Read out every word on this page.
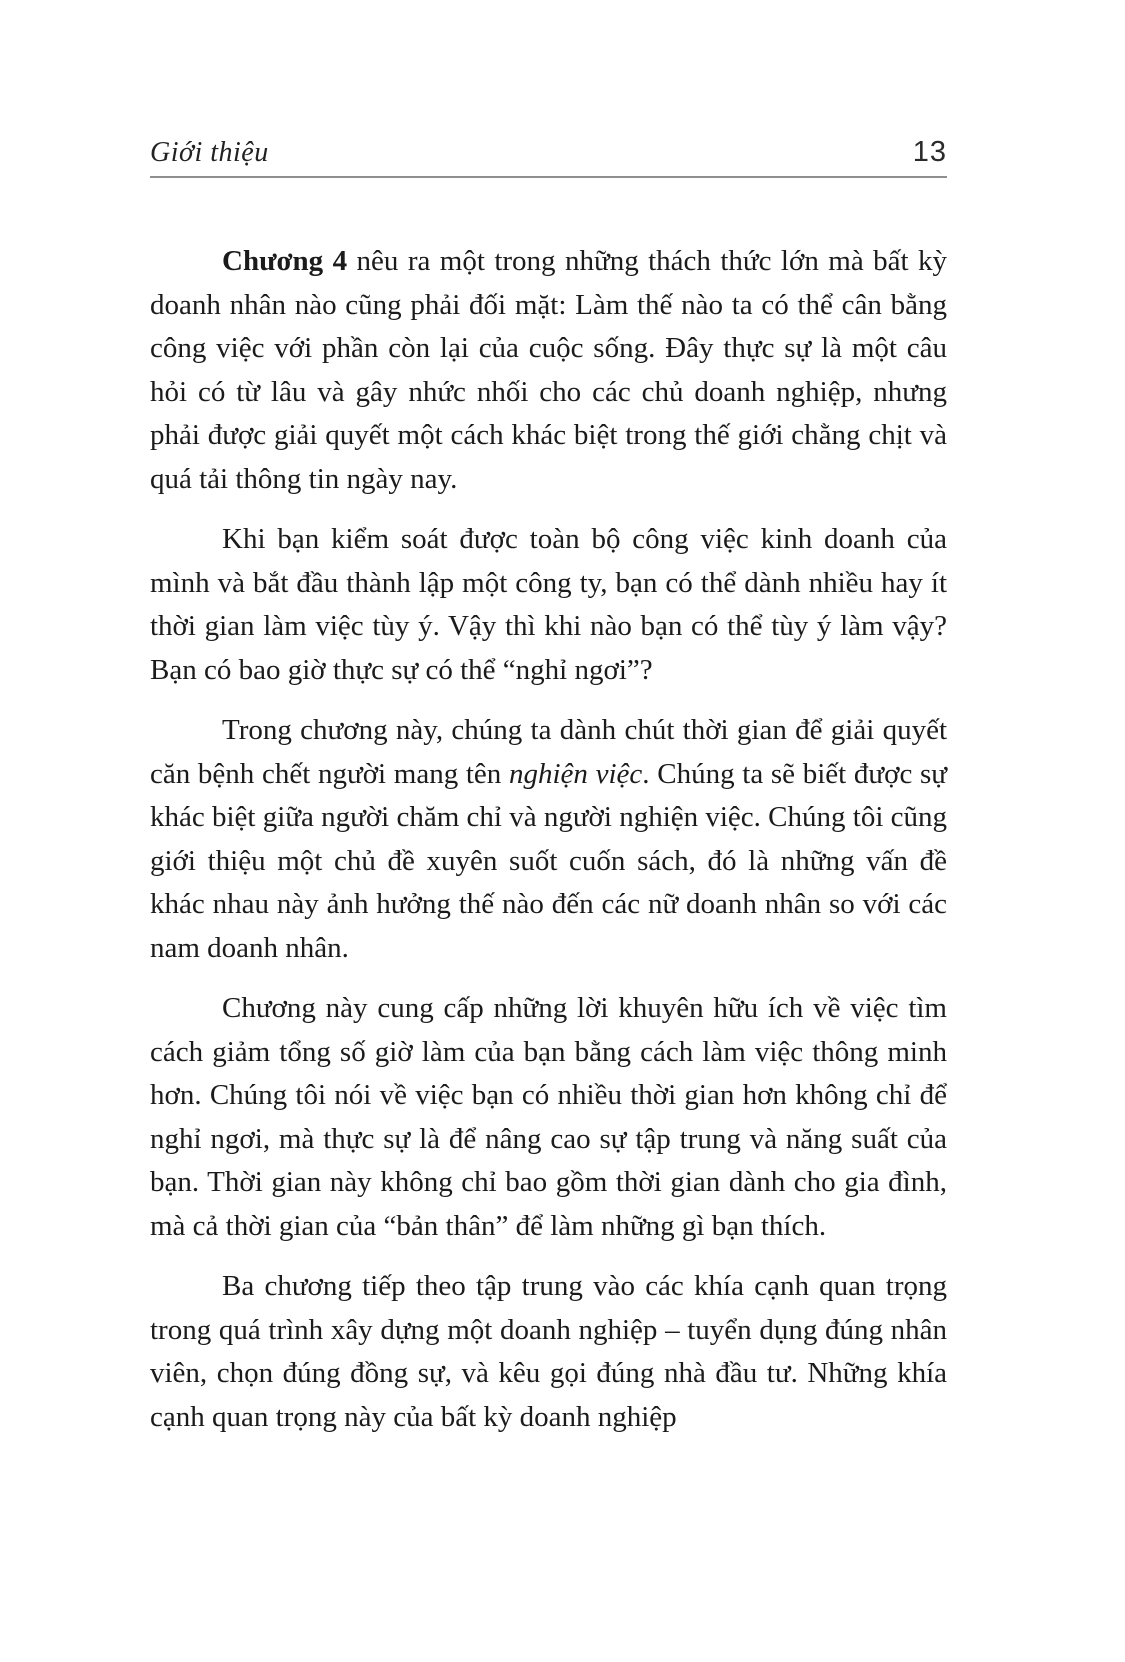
Giới thiệu	13

Chương 4 nêu ra một trong những thách thức lớn mà bất kỳ doanh nhân nào cũng phải đối mặt: Làm thế nào ta có thể cân bằng công việc với phần còn lại của cuộc sống. Đây thực sự là một câu hỏi có từ lâu và gây nhức nhối cho các chủ doanh nghiệp, nhưng phải được giải quyết một cách khác biệt trong thế giới chằng chịt và quá tải thông tin ngày nay.

Khi bạn kiểm soát được toàn bộ công việc kinh doanh của mình và bắt đầu thành lập một công ty, bạn có thể dành nhiều hay ít thời gian làm việc tùy ý. Vậy thì khi nào bạn có thể tùy ý làm vậy? Bạn có bao giờ thực sự có thể “nghỉ ngơi”?

Trong chương này, chúng ta dành chút thời gian để giải quyết căn bệnh chết người mang tên nghiện việc. Chúng ta sẽ biết được sự khác biệt giữa người chăm chỉ và người nghiện việc. Chúng tôi cũng giới thiệu một chủ đề xuyên suốt cuốn sách, đó là những vấn đề khác nhau này ảnh hưởng thế nào đến các nữ doanh nhân so với các nam doanh nhân.

Chương này cung cấp những lời khuyên hữu ích về việc tìm cách giảm tổng số giờ làm của bạn bằng cách làm việc thông minh hơn. Chúng tôi nói về việc bạn có nhiều thời gian hơn không chỉ để nghỉ ngơi, mà thực sự là để nâng cao sự tập trung và năng suất của bạn. Thời gian này không chỉ bao gồm thời gian dành cho gia đình, mà cả thời gian của “bản thân” để làm những gì bạn thích.

Ba chương tiếp theo tập trung vào các khía cạnh quan trọng trong quá trình xây dựng một doanh nghiệp – tuyển dụng đúng nhân viên, chọn đúng đồng sự, và kêu gọi đúng nhà đầu tư. Những khía cạnh quan trọng này của bất kỳ doanh nghiệp
